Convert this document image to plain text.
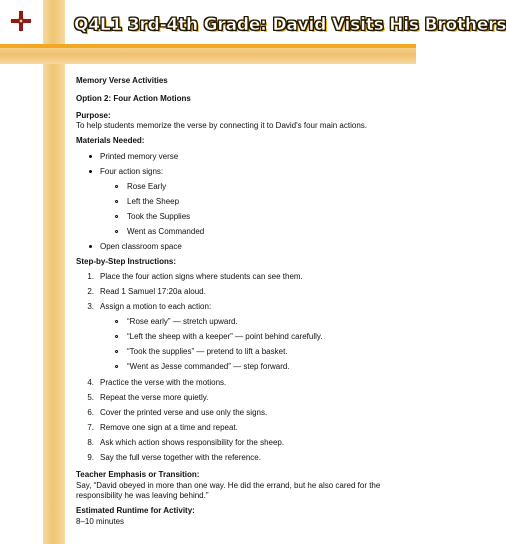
Q4L1 3rd-4th Grade: David Visits His Brothers
Memory Verse Activities
Option 2: Four Action Motions
Purpose:
To help students memorize the verse by connecting it to David's four main actions.
Materials Needed:
Printed memory verse
Four action signs:
Rose Early
Left the Sheep
Took the Supplies
Went as Commanded
Open classroom space
Step-by-Step Instructions:
1. Place the four action signs where students can see them.
2. Read 1 Samuel 17:20a aloud.
3. Assign a motion to each action:
“Rose early” — stretch upward.
“Left the sheep with a keeper” — point behind carefully.
“Took the supplies” — pretend to lift a basket.
“Went as Jesse commanded” — step forward.
4. Practice the verse with the motions.
5. Repeat the verse more quietly.
6. Cover the printed verse and use only the signs.
7. Remove one sign at a time and repeat.
8. Ask which action shows responsibility for the sheep.
9. Say the full verse together with the reference.
Teacher Emphasis or Transition:
Say, “David obeyed in more than one way. He did the errand, but he also cared for the
responsibility he was leaving behind.”
Estimated Runtime for Activity:
8–10 minutes
